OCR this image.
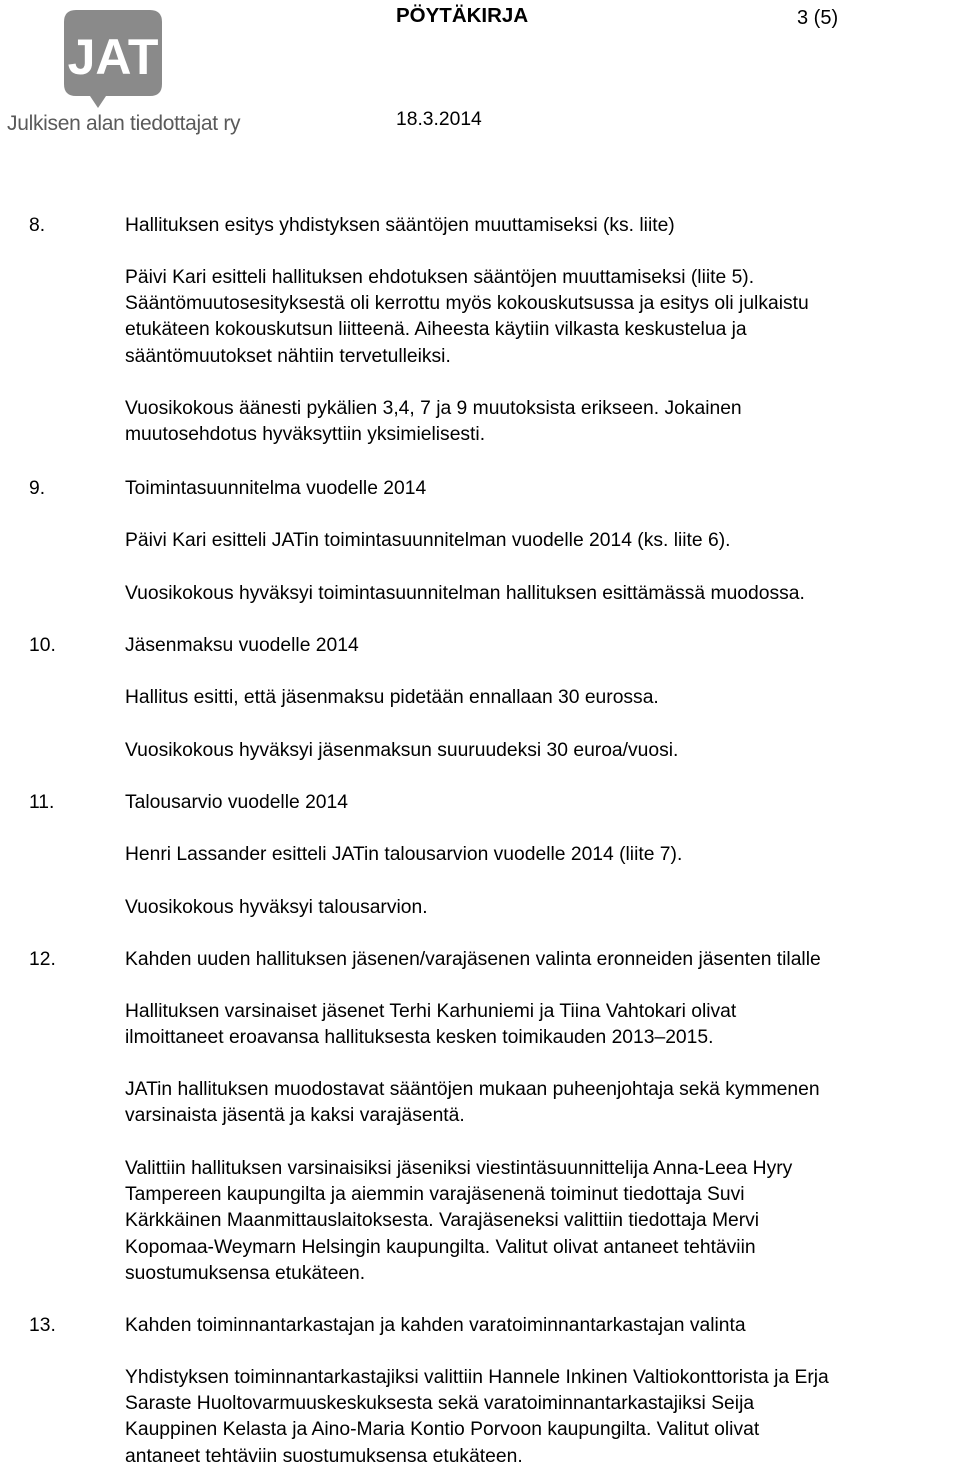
JAT
Julkisen alan tiedottajat ry
PÖYTÄKIRJA	3 (5)
18.3.2014
8.	Hallituksen esitys yhdistyksen sääntöjen muuttamiseksi (ks. liite)
Päivi Kari esitteli hallituksen ehdotuksen sääntöjen muuttamiseksi (liite 5).
Sääntömuutosesityksestä oli kerrottu myös kokouskutsussa ja esitys oli julkaistu
etukäteen kokouskutsun liitteenä. Aiheesta käytiin vilkasta keskustelua ja
sääntömuutokset nähtiin tervetulleiksi.
Vuosikokous äänesti pykälien 3,4, 7 ja 9 muutoksista erikseen. Jokainen
muutosehdotus hyväksyttiin yksimielisesti.
9.	Toimintasuunnitelma vuodelle 2014
Päivi Kari esitteli JATin toimintasuunnitelman vuodelle 2014 (ks. liite 6).
Vuosikokous hyväksyi toimintasuunnitelman hallituksen esittämässä muodossa.
10.	Jäsenmaksu vuodelle 2014
Hallitus esitti, että jäsenmaksu pidetään ennallaan 30 eurossa.
Vuosikokous hyväksyi jäsenmaksun suuruudeksi 30 euroa/vuosi.
11.	Talousarvio vuodelle 2014
Henri Lassander esitteli JATin talousarvion vuodelle 2014 (liite 7).
Vuosikokous hyväksyi talousarvion.
12.	Kahden uuden hallituksen jäsenen/varajäsenen valinta eronneiden jäsenten tilalle
Hallituksen varsinaiset jäsenet Terhi Karhuniemi ja Tiina Vahtokari olivat
ilmoittaneet eroavansa hallituksesta kesken toimikauden 2013–2015.
JATin hallituksen muodostavat sääntöjen mukaan puheenjohtaja sekä kymmenen
varsinaista jäsentä ja kaksi varajäsentä.
Valittiin hallituksen varsinaisiksi jäseniksi viestintäsuunnittelija Anna-Leea Hyry
Tampereen kaupungilta ja aiemmin varajäsenenä toiminut tiedottaja Suvi
Kärkkäinen Maanmittauslaitoksesta. Varajäseneksi valittiin tiedottaja Mervi
Kopomaa-Weymarn Helsingin kaupungilta. Valitut olivat antaneet tehtäviin
suostumuksensa etukäteen.
13.	Kahden toiminnantarkastajan ja kahden varatoiminnantarkastajan valinta
Yhdistyksen toiminnantarkastajiksi valittiin Hannele Inkinen Valtiokonttorista ja Erja
Saraste Huoltovarmuuskeskuksesta sekä varatoiminnantarkastajiksi Seija
Kauppinen Kelasta ja Aino-Maria Kontio Porvoon kaupungilta. Valitut olivat
antaneet tehtäviin suostumuksensa etukäteen.
